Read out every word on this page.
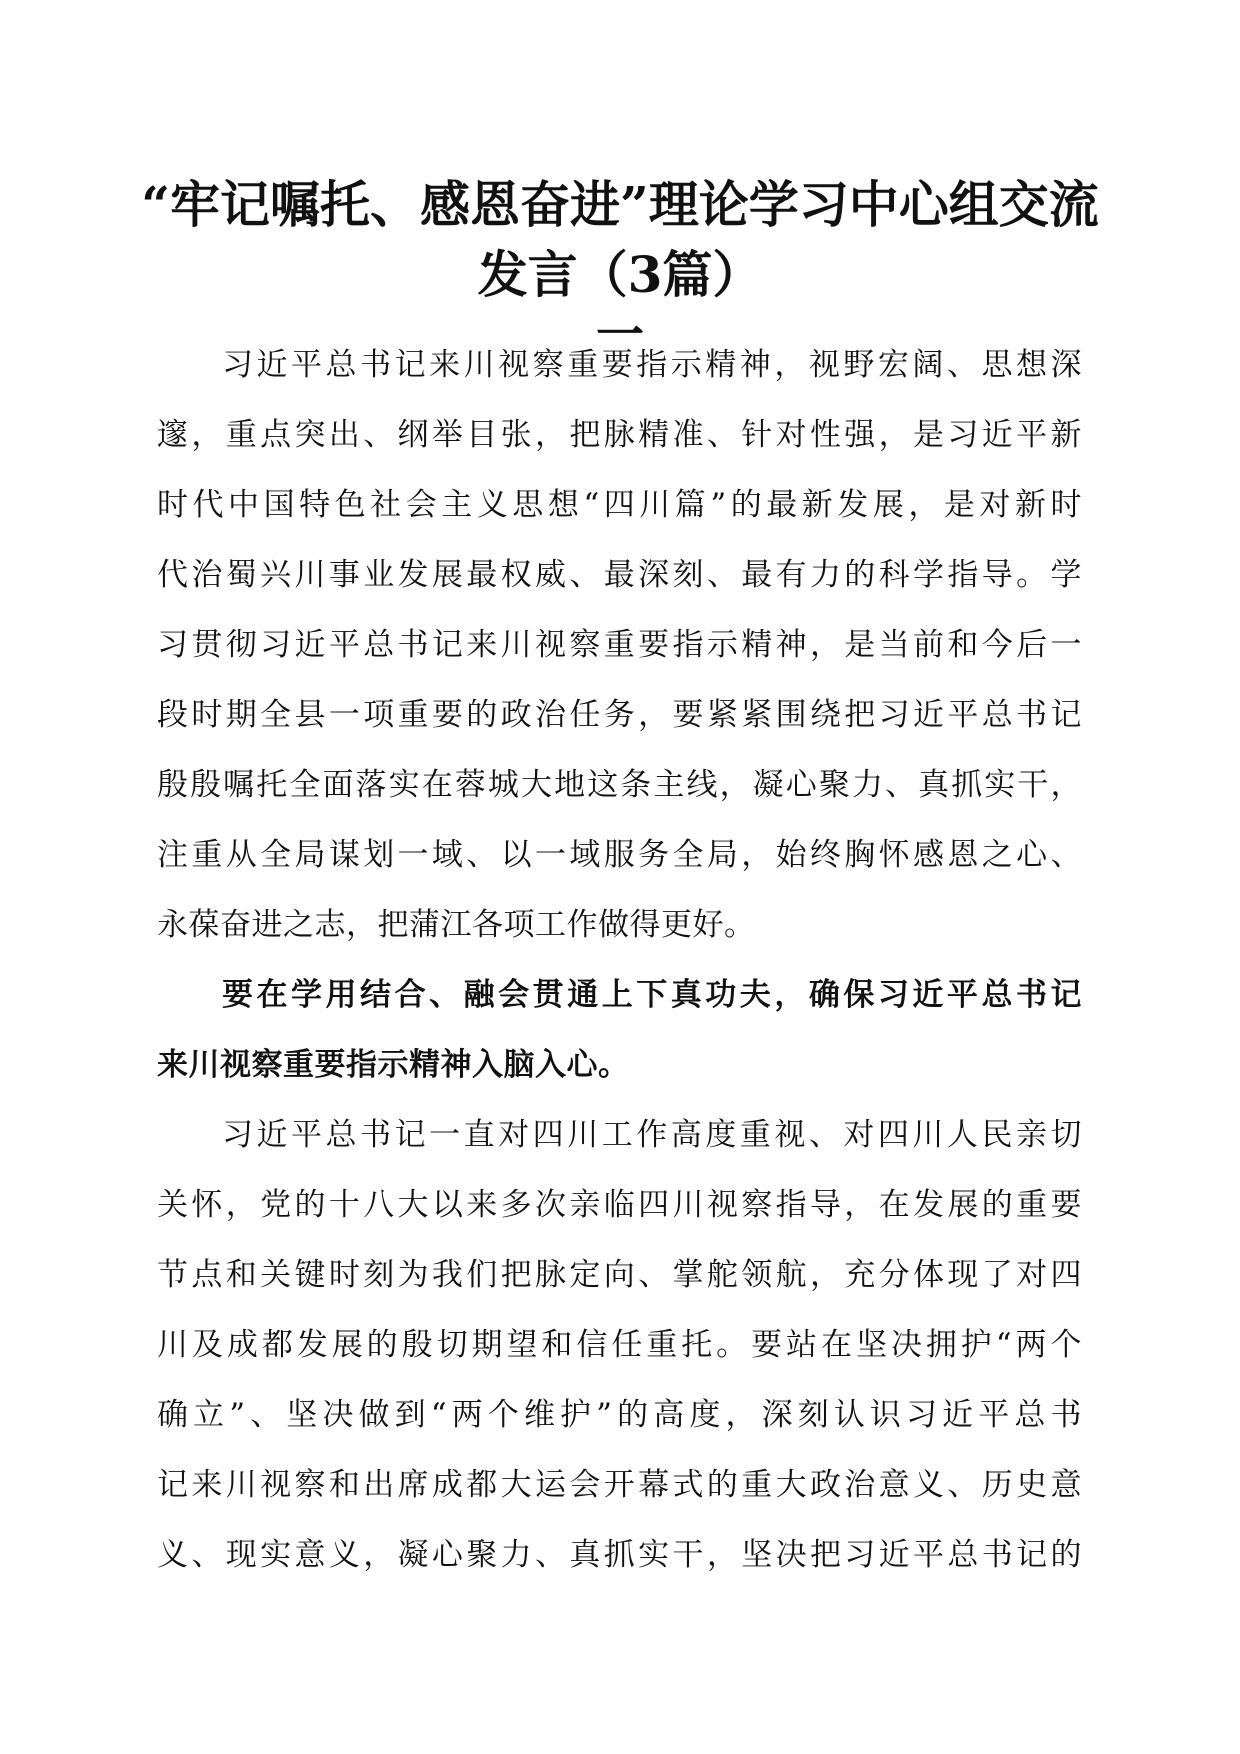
“牢记嘱托、感恩奋进”理论学习中心组交流
发言（3篇）
一

习近平总书记来川视察重要指示精神，视野宏阔、思想深

邃，重点突出、纲举目张，把脉精准、针对性强，是习近平新

时代中国特色社会主义思想“四川篇”的最新发展，是对新时

代治蜀兴川事业发展最权威、最深刻、最有力的科学指导。学

习贯彻习近平总书记来川视察重要指示精神，是当前和今后一

段时期全县一项重要的政治任务，要紧紧围绕把习近平总书记

殷殷嘱托全面落实在蓉城大地这条主线，凝心聚力、真抓实干，

注重从全局谋划一域、以一域服务全局，始终胸怀感恩之心、

永葆奋进之志，把蒲江各项工作做得更好。

要在学用结合、融会贯通上下真功夫，确保习近平总书记

来川视察重要指示精神入脑入心。

习近平总书记一直对四川工作高度重视、对四川人民亲切

关怀，党的十八大以来多次亲临四川视察指导，在发展的重要

节点和关键时刻为我们把脉定向、掌舵领航，充分体现了对四

川及成都发展的殷切期望和信任重托。要站在坚决拥护“两个

确立”、坚决做到“两个维护”的高度，深刻认识习近平总书

记来川视察和出席成都大运会开幕式的重大政治意义、历史意

义、现实意义，凝心聚力、真抓实干，坚决把习近平总书记的
